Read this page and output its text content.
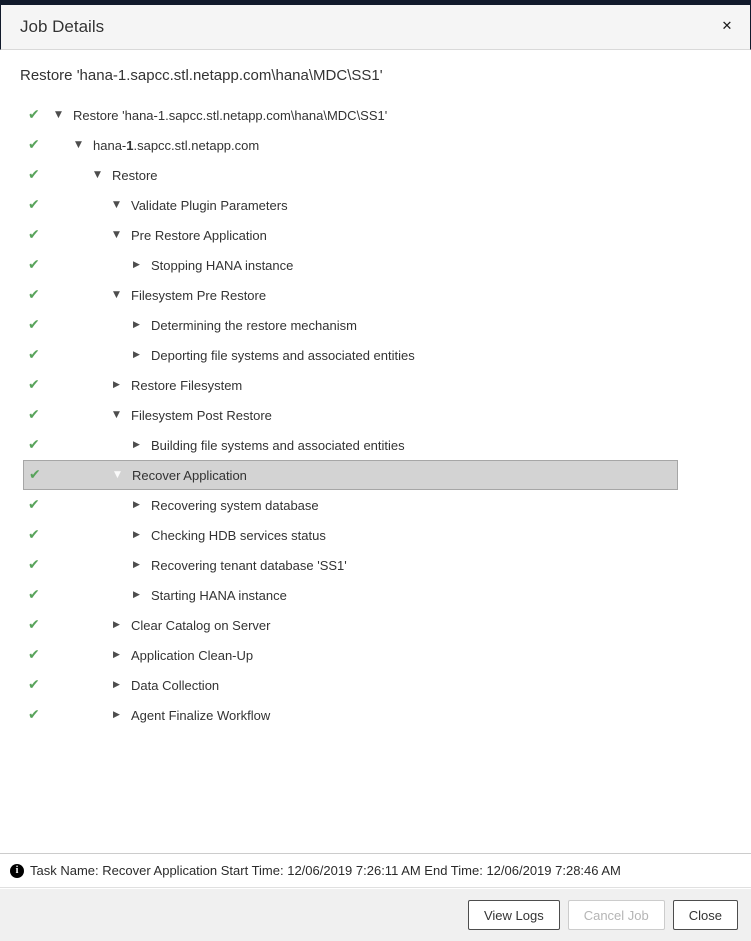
Job Details	✕
Restore 'hana-1.sapcc.stl.netapp.com\hana\MDC\SS1'
✔ ▼ Restore 'hana-1.sapcc.stl.netapp.com\hana\MDC\SS1'
✔	▼ hana-1.sapcc.stl.netapp.com
✔	▼ Restore
✔	▼ Validate Plugin Parameters
✔	▼ Pre Restore Application
✔	▶ Stopping HANA instance
✔	▼ Filesystem Pre Restore
✔	▶ Determining the restore mechanism
✔	▶ Deporting file systems and associated entities
✔	▶ Restore Filesystem
✔	▼ Filesystem Post Restore
✔	▶ Building file systems and associated entities
✔	▼ Recover Application
✔	▶ Recovering system database
✔	▶ Checking HDB services status
✔	▶ Recovering tenant database 'SS1'
✔	▶ Starting HANA instance
✔	▶ Clear Catalog on Server
✔	▶ Application Clean-Up
✔	▶ Data Collection
✔	▶ Agent Finalize Workflow
i Task Name: Recover Application Start Time: 12/06/2019 7:26:11 AM End Time: 12/06/2019 7:28:46 AM
View Logs	Cancel Job	Close
